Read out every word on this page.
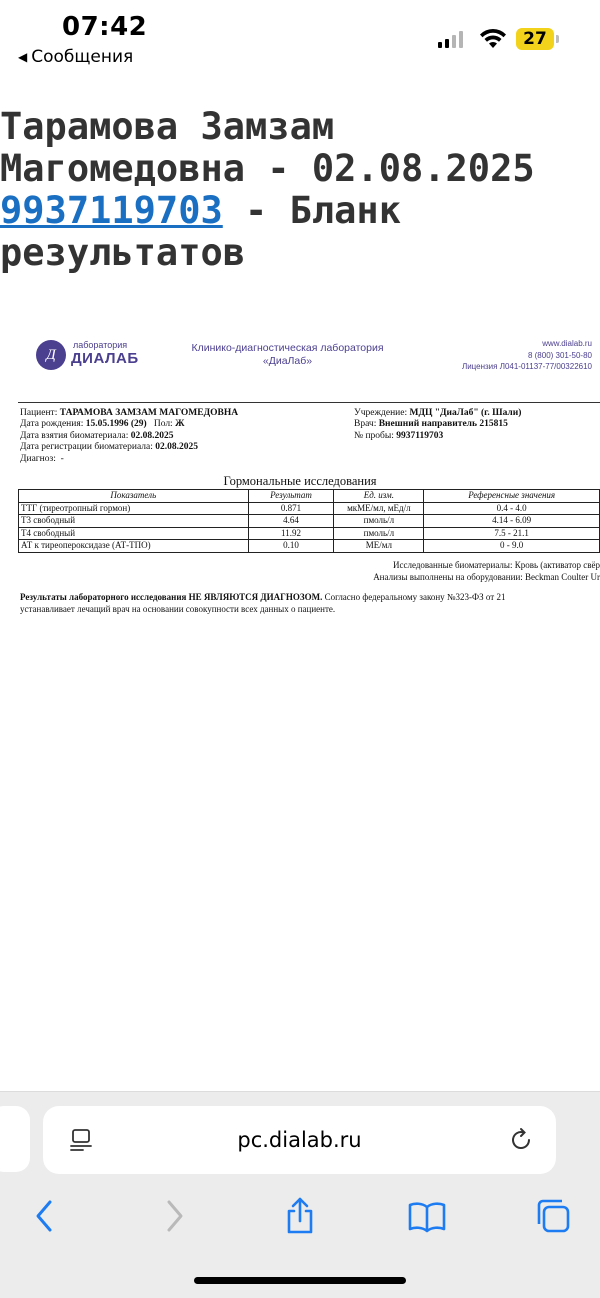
07:42
◀ Сообщения
27
Тарамова Замзам
Магомедовна - 02.08.2025
9937119703 - Бланк
результатов
Д
лаборатория
ДИАЛАБ
Клинико-диагностическая лаборатория
«ДиаЛаб»
www.dialab.ru
8 (800) 301-50-80
Лицензия Л041-01137-77/00322610
Пациент: ТАРАМОВА ЗАМЗАМ МАГОМЕДОВНА
Дата рождения: 15.05.1996 (29) Пол: Ж
Дата взятия биоматериала: 02.08.2025
Дата регистрации биоматериала: 02.08.2025
Диагноз: -
Учреждение: МДЦ "ДиаЛаб" (г. Шали)
Врач: Внешний направитель 215815
№ пробы: 9937119703
Гормональные исследования
Показатель	Результат	Ед. изм.	Референсные значения
ТТГ (тиреотропный гормон)	0.871	мкМЕ/мл, мЕд/л	0.4 - 4.0
Т3 свободный	4.64	пмоль/л	4.14 - 6.09
Т4 свободный	11.92	пмоль/л	7.5 - 21.1
АТ к тиреопероксидазе (АТ-ТПО)	0.10	МЕ/мл	0 - 9.0
Исследованные биоматериалы: Кровь (активатор свёр
Анализы выполнены на оборудовании: Beckman Coulter Ur
Результаты лабораторного исследования НЕ ЯВЛЯЮТСЯ ДИАГНОЗОМ. Согласно федеральному закону №323-ФЗ от 21
устанавливает лечащий врач на основании совокупности всех данных о пациенте.
pc.dialab.ru
